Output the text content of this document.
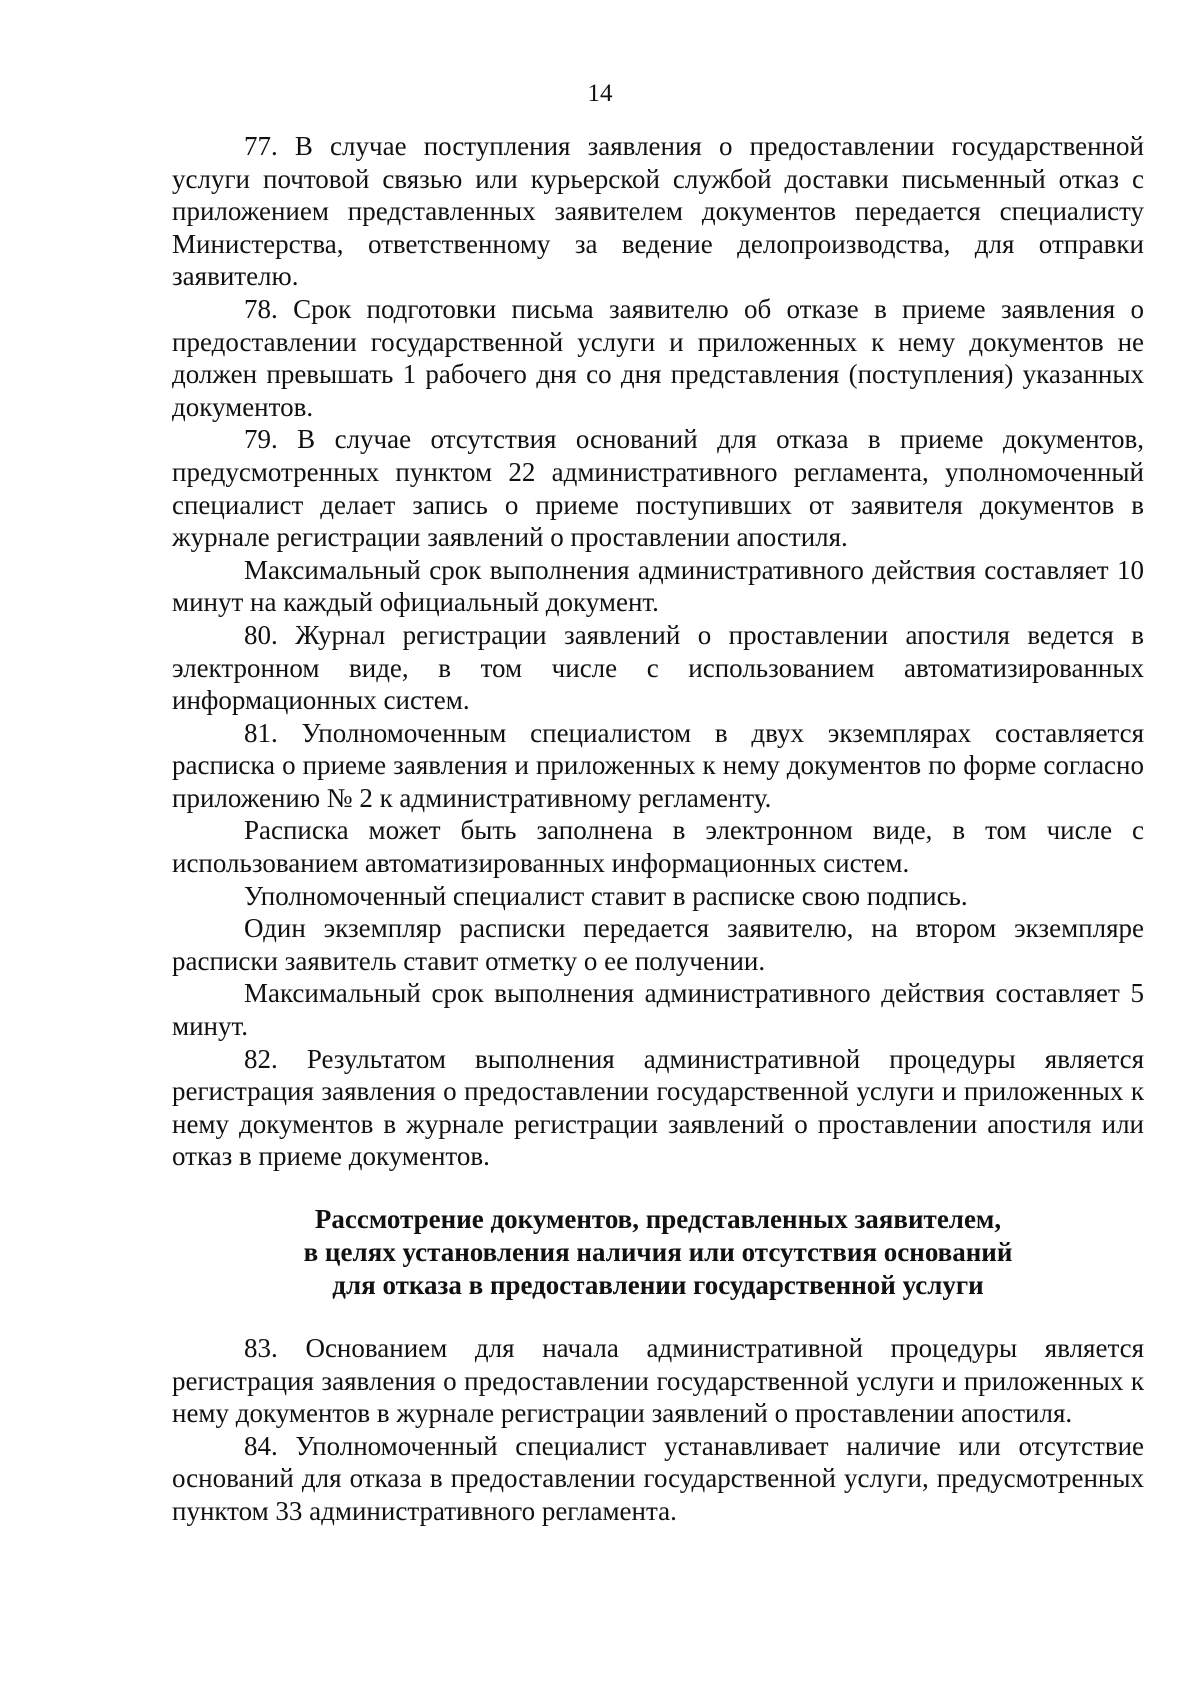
14

77. В случае поступления заявления о предоставлении государственной услуги почтовой связью или курьерской службой доставки письменный отказ с приложением представленных заявителем документов передается специалисту Министерства, ответственному за ведение делопроизводства, для отправки заявителю.

78. Срок подготовки письма заявителю об отказе в приеме заявления о предоставлении государственной услуги и приложенных к нему документов не должен превышать 1 рабочего дня со дня представления (поступления) указанных документов.

79. В случае отсутствия оснований для отказа в приеме документов, предусмотренных пунктом 22 административного регламента, уполномоченный специалист делает запись о приеме поступивших от заявителя документов в журнале регистрации заявлений о проставлении апостиля.

Максимальный срок выполнения административного действия составляет 10 минут на каждый официальный документ.

80. Журнал регистрации заявлений о проставлении апостиля ведется в электронном виде, в том числе с использованием автоматизированных информационных систем.

81. Уполномоченным специалистом в двух экземплярах составляется расписка о приеме заявления и приложенных к нему документов по форме согласно приложению № 2 к административному регламенту.

Расписка может быть заполнена в электронном виде, в том числе с использованием автоматизированных информационных систем.

Уполномоченный специалист ставит в расписке свою подпись.

Один экземпляр расписки передается заявителю, на втором экземпляре расписки заявитель ставит отметку о ее получении.

Максимальный срок выполнения административного действия составляет 5 минут.

82. Результатом выполнения административной процедуры является регистрация заявления о предоставлении государственной услуги и приложенных к нему документов в журнале регистрации заявлений о проставлении апостиля или отказ в приеме документов.

Рассмотрение документов, представленных заявителем,
в целях установления наличия или отсутствия оснований
для отказа в предоставлении государственной услуги

83. Основанием для начала административной процедуры является регистрация заявления о предоставлении государственной услуги и приложенных к нему документов в журнале регистрации заявлений о проставлении апостиля.

84. Уполномоченный специалист устанавливает наличие или отсутствие оснований для отказа в предоставлении государственной услуги, предусмотренных пунктом 33 административного регламента.
